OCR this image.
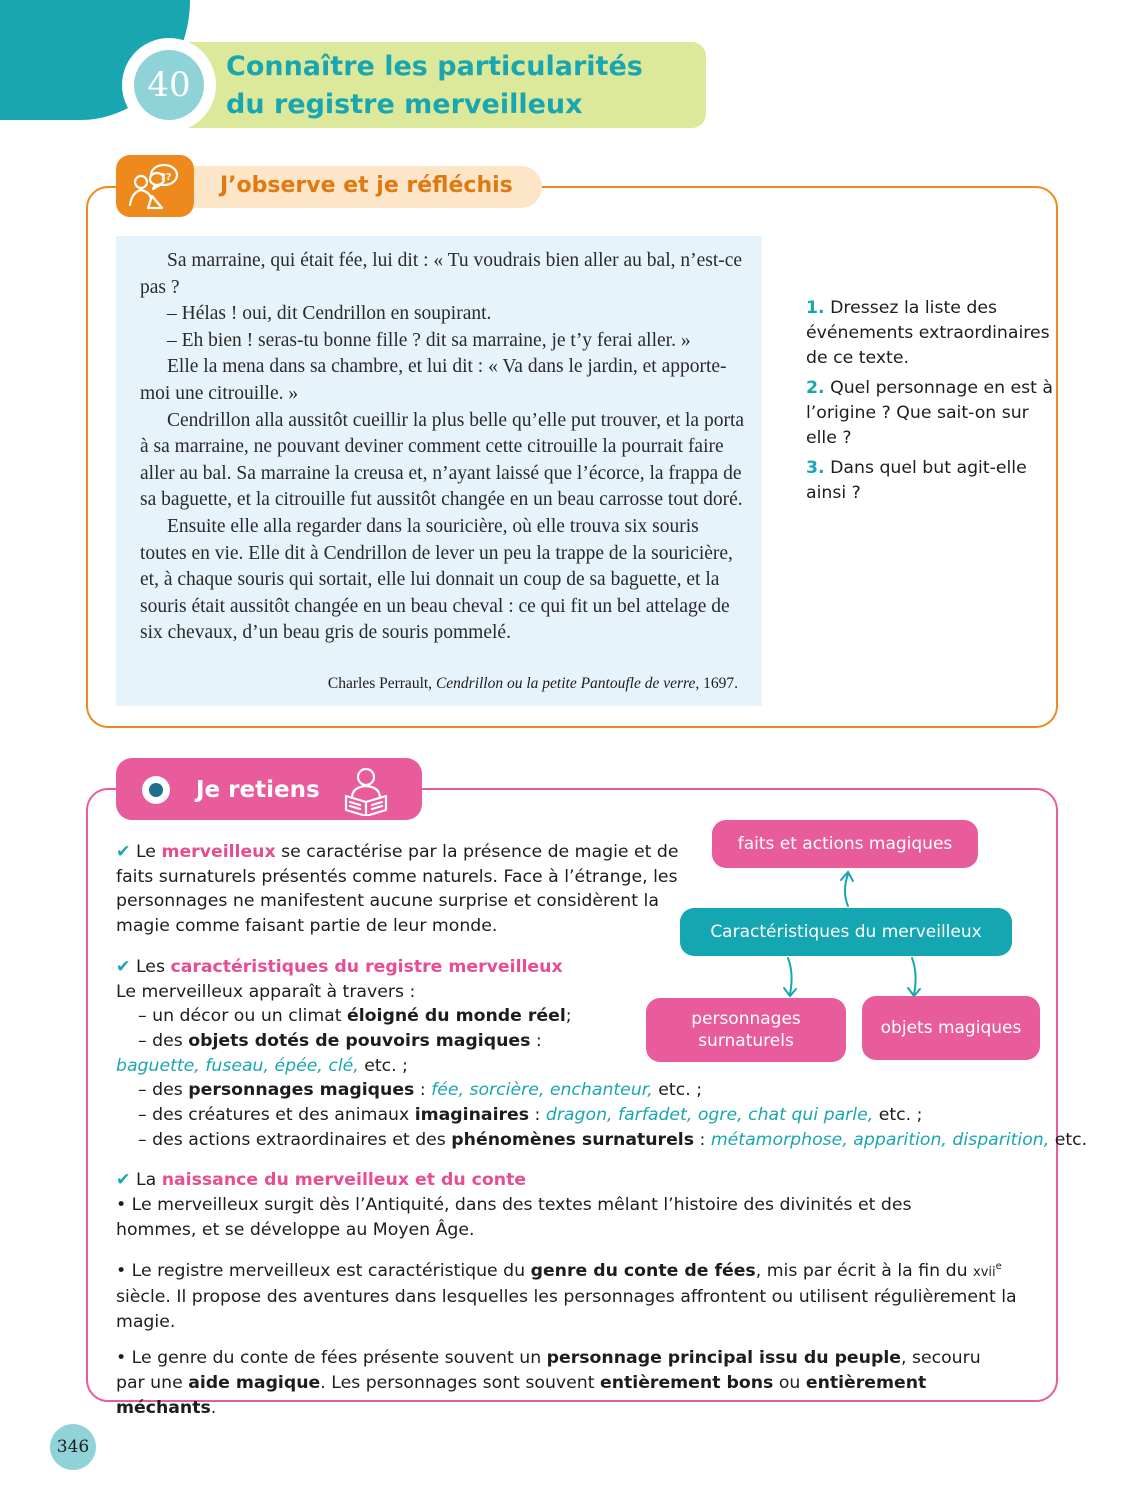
40	Connaître les particularités
du registre merveilleux
?? J’observe et je réfléchis

Sa marraine, qui était fée, lui dit : « Tu voudrais bien aller au bal, n’est-ce pas ?

– Hélas ! oui, dit Cendrillon en soupirant.

– Eh bien ! seras-tu bonne fille ? dit sa marraine, je t’y ferai aller. »

Elle la mena dans sa chambre, et lui dit : « Va dans le jardin, et apporte-moi une citrouille. »

Cendrillon alla aussitôt cueillir la plus belle qu’elle put trouver, et la porta à sa marraine, ne pouvant deviner comment cette citrouille la pourrait faire aller au bal. Sa marraine la creusa et, n’ayant laissé que l’écorce, la frappa de sa baguette, et la citrouille fut aussitôt changée en un beau carrosse tout doré.

Ensuite elle alla regarder dans la souricière, où elle trouva six souris toutes en vie. Elle dit à Cendrillon de lever un peu la trappe de la souricière, et, à chaque souris qui sortait, elle lui donnait un coup de sa baguette, et la souris était aussitôt changée en un beau cheval : ce qui fit un bel attelage de six chevaux, d’un beau gris de souris pommelé.

Charles Perrault, Cendrillon ou la petite Pantoufle de verre, 1697.
1. Dressez la liste des événements extraordinaires de ce texte.
2. Quel personnage en est à l’origine ? Que sait-on sur elle ?
3. Dans quel but agit-elle ainsi ?
Je retiens
✔ Le merveilleux se caractérise par la présence de magie et de faits surnaturels présentés comme naturels. Face à l’étrange, les personnages ne manifestent aucune surprise et considèrent la magie comme faisant partie de leur monde.
✔ Les caractéristiques du registre merveilleux
Le merveilleux apparaît à travers :
– un décor ou un climat éloigné du monde réel;
– des objets dotés de pouvoirs magiques :
baguette, fuseau, épée, clé, etc. ;
– des personnages magiques : fée, sorcière, enchanteur, etc. ;
– des créatures et des animaux imaginaires : dragon, farfadet, ogre, chat qui parle, etc. ;
– des actions extraordinaires et des phénomènes surnaturels : métamorphose, apparition, disparition, etc.
✔ La naissance du merveilleux et du conte
• Le merveilleux surgit dès l’Antiquité, dans des textes mêlant l’histoire des divinités et des hommes, et se développe au Moyen Âge.
• Le registre merveilleux est caractéristique du genre du conte de fées, mis par écrit à la fin du xvii$^e$ siècle. Il propose des aventures dans lesquelles les personnages affrontent ou utilisent régulièrement la magie.
• Le genre du conte de fées présente souvent un personnage principal issu du peuple, secouru par une aide magique. Les personnages sont souvent entièrement bons ou entièrement méchants.
faits et actions magiques
Caractéristiques du merveilleux
personnages surnaturels
objets magiques
346
